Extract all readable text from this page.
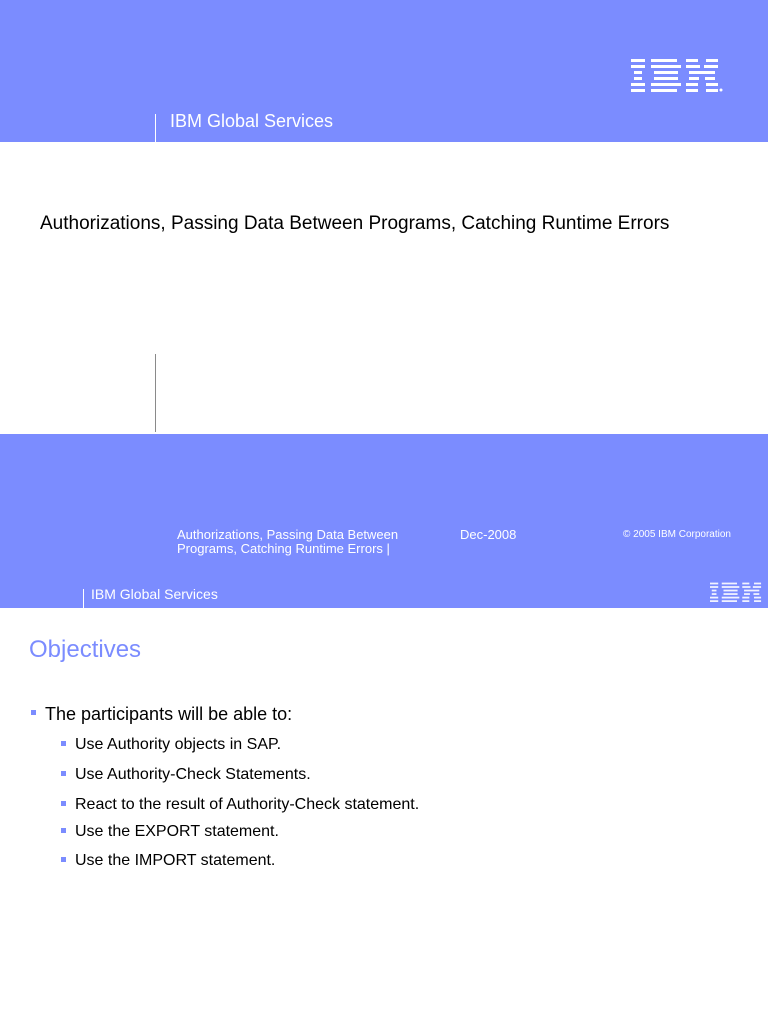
IBM Global Services
Authorizations, Passing Data Between Programs, Catching Runtime Errors
Authorizations, Passing Data Between Programs, Catching Runtime Errors |
Dec-2008	© 2005 IBM Corporation
IBM Global Services
Objectives
The participants will be able to:
Use Authority objects in SAP.
Use Authority-Check Statements.
React to the result of Authority-Check statement.
Use the EXPORT statement.
Use the IMPORT statement.
